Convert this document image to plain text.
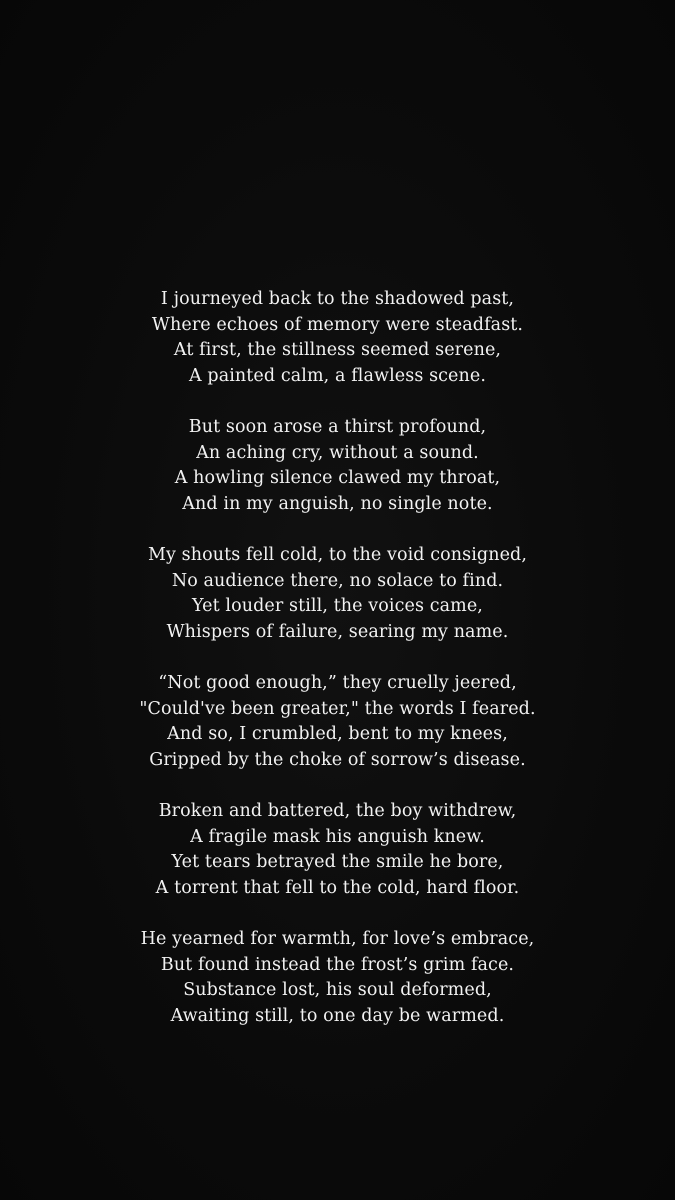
I journeyed back to the shadowed past,
Where echoes of memory were steadfast.
At first, the stillness seemed serene,
A painted calm, a flawless scene.
But soon arose a thirst profound,
An aching cry, without a sound.
A howling silence clawed my throat,
And in my anguish, no single note.
My shouts fell cold, to the void consigned,
No audience there, no solace to find.
Yet louder still, the voices came,
Whispers of failure, searing my name.
“Not good enough,” they cruelly jeered,
"Could've been greater," the words I feared.
And so, I crumbled, bent to my knees,
Gripped by the choke of sorrow’s disease.
Broken and battered, the boy withdrew,
A fragile mask his anguish knew.
Yet tears betrayed the smile he bore,
A torrent that fell to the cold, hard floor.
He yearned for warmth, for love’s embrace,
But found instead the frost’s grim face.
Substance lost, his soul deformed,
Awaiting still, to one day be warmed.
